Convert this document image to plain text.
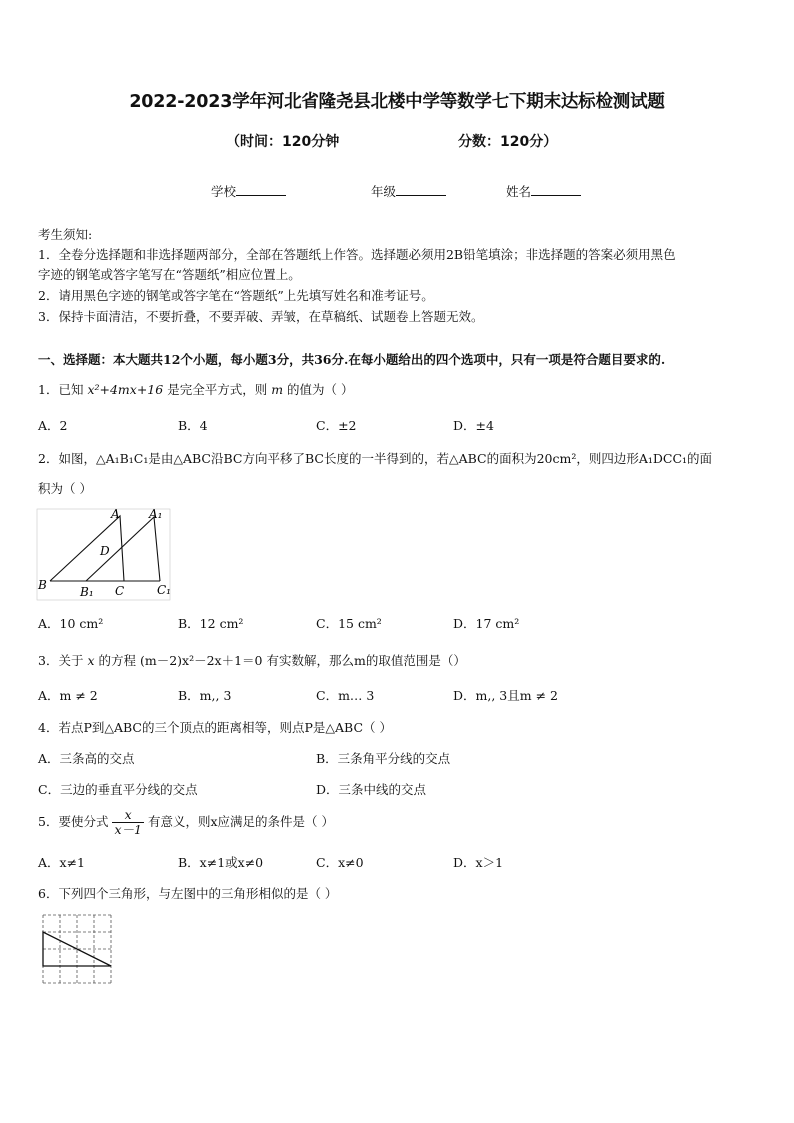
2022-2023学年河北省隆尧县北楼中学等数学七下期末达标检测试题
（时间：120分钟	分数：120分）
学校	年级	姓名
考生须知:
1．全卷分选择题和非选择题两部分，全部在答题纸上作答。选择题必须用2B铅笔填涂；非选择题的答案必须用黑色
字迹的钢笔或答字笔写在“答题纸”相应位置上。
2．请用黑色字迹的钢笔或答字笔在“答题纸”上先填写姓名和准考证号。
3．保持卡面清洁，不要折叠，不要弄破、弄皱，在草稿纸、试题卷上答题无效。
一、选择题：本大题共12个小题，每小题3分，共36分.在每小题给出的四个选项中，只有一项是符合题目要求的.
1．已知 x²+4mx+16 是完全平方式，则 m 的值为（ ）
A．2	B．4	C．±2	D．±4
2．如图，△A₁B₁C₁是由△ABC沿BC方向平移了BC长度的一半得到的，若△ABC的面积为20cm²，则四边形A₁DCC₁的面
积为（ ）
A A₁
D
B	B₁ C	C₁
A．10 cm²	B．12 cm²	C．15 cm²	D．17 cm²
3．关于 x 的方程 (m－2)x²－2x＋1＝0 有实数解，那么m的取值范围是（）
A．m ≠ 2	B．m,, 3	C．m… 3	D．m,, 3且m ≠ 2
4．若点P到△ABC的三个顶点的距离相等，则点P是△ABC（ ）
A．三条高的交点	B．三条角平分线的交点
C．三边的垂直平分线的交点	D．三条中线的交点
5．要使分式 $\frac{x}{x-1}$ 有意义，则x应满足的条件是（ ）
A．x≠1	B．x≠1或x≠0	C．x≠0	D．x＞1
6．下列四个三角形，与左图中的三角形相似的是（ ）
